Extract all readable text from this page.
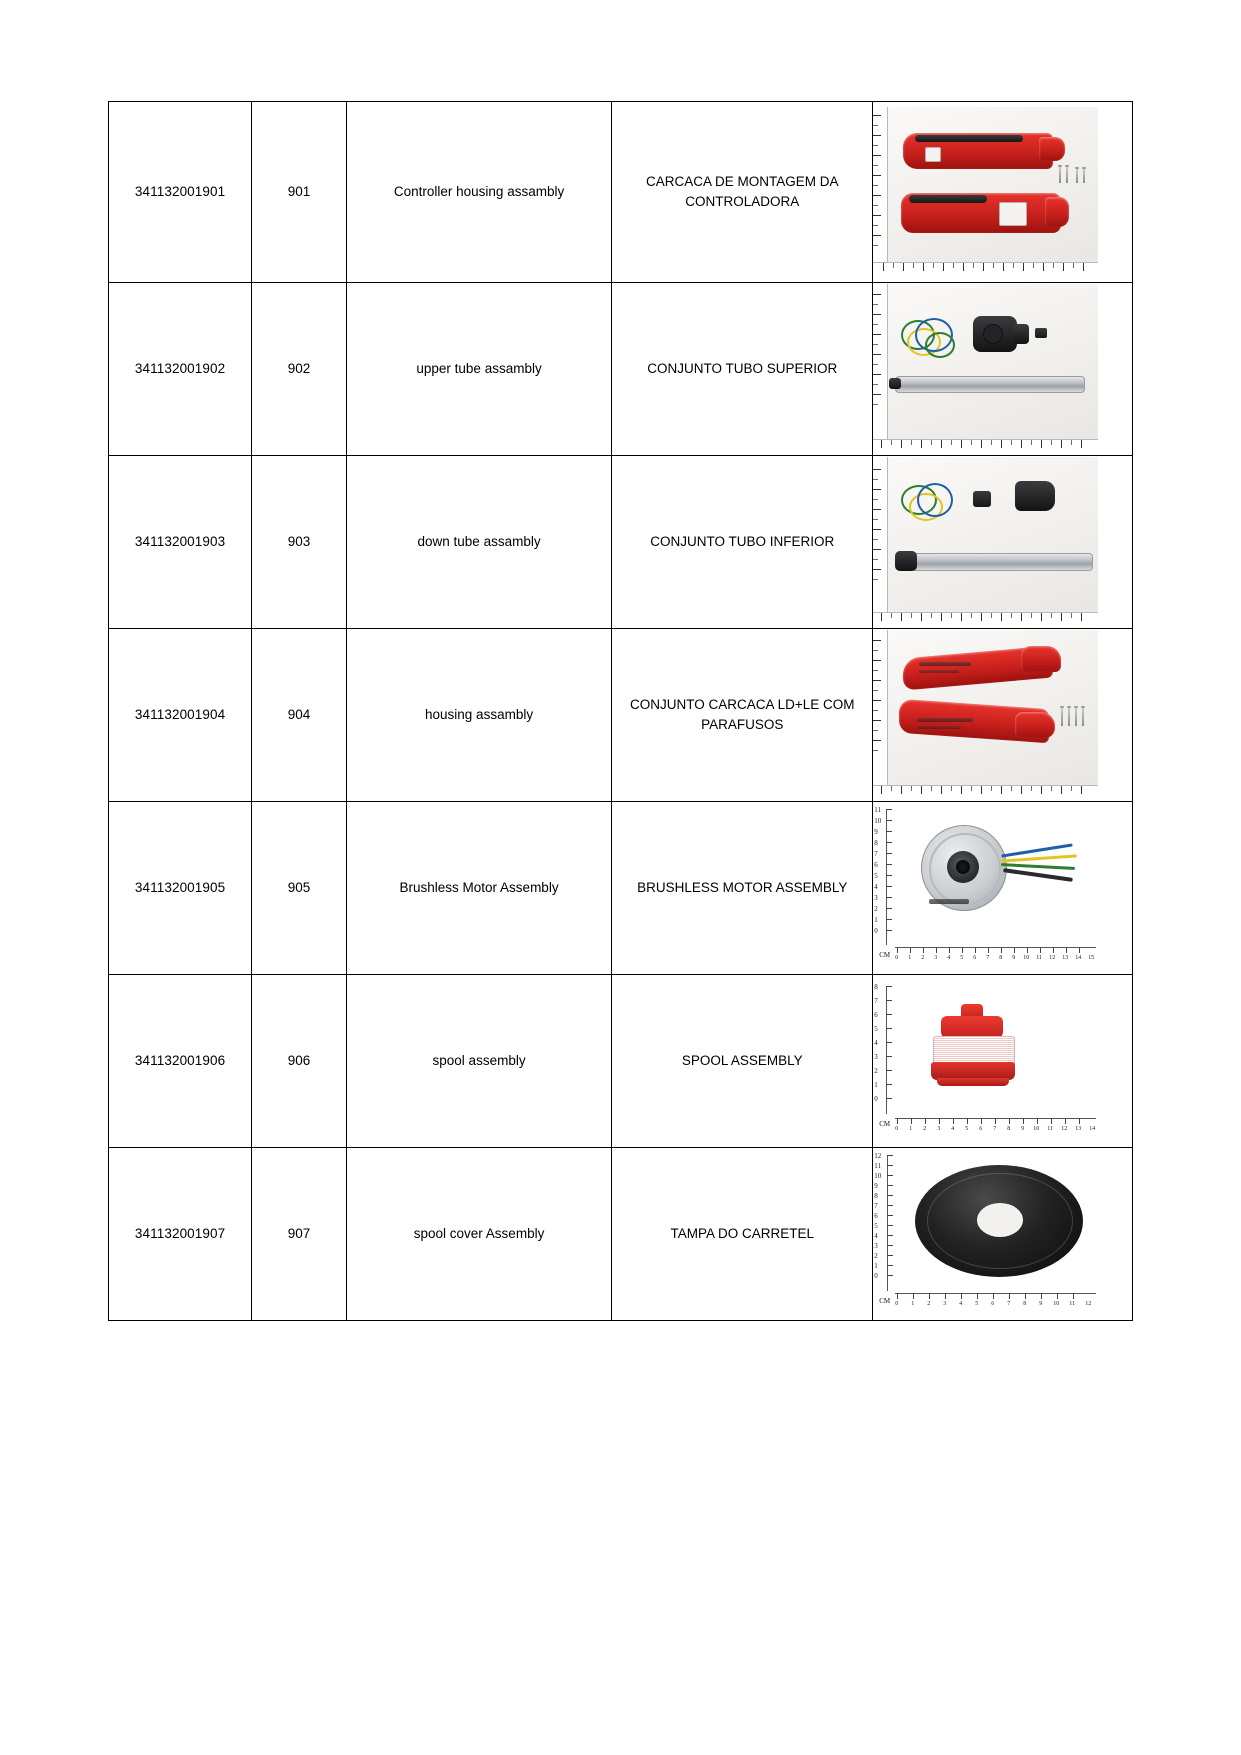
341132001901	901	Controller housing assambly	CARCACA DE MONTAGEM DA CONTROLADORA	

341132001902	902	upper tube assambly	CONJUNTO TUBO SUPERIOR	

341132001903	903	down tube assambly	CONJUNTO TUBO INFERIOR	

341132001904	904	housing assambly	CONJUNTO CARCACA LD+LE COM PARAFUSOS	

341132001905	905	Brushless Motor Assembly	BRUSHLESS MOTOR ASSEMBLY

11
10
9
8
7
6
5
4
3
2
1
0
CM 0 1 2 3 4 5 6 7 8 9 10 11 12 13 14 15

341132001906	906	spool assembly	SPOOL ASSEMBLY

8
7
6
5
4
3
2
1
0
CM
0 1 2 3 4 5 6 7 8 9 10 11 12 13 14

341132001907	907	spool cover Assembly	TAMPA DO CARRETEL

12
11
10
9
8
7
6
5
4
3
2
1
0
CM 0 1 2 3 4 5 6 7 8 9 10 11 12
